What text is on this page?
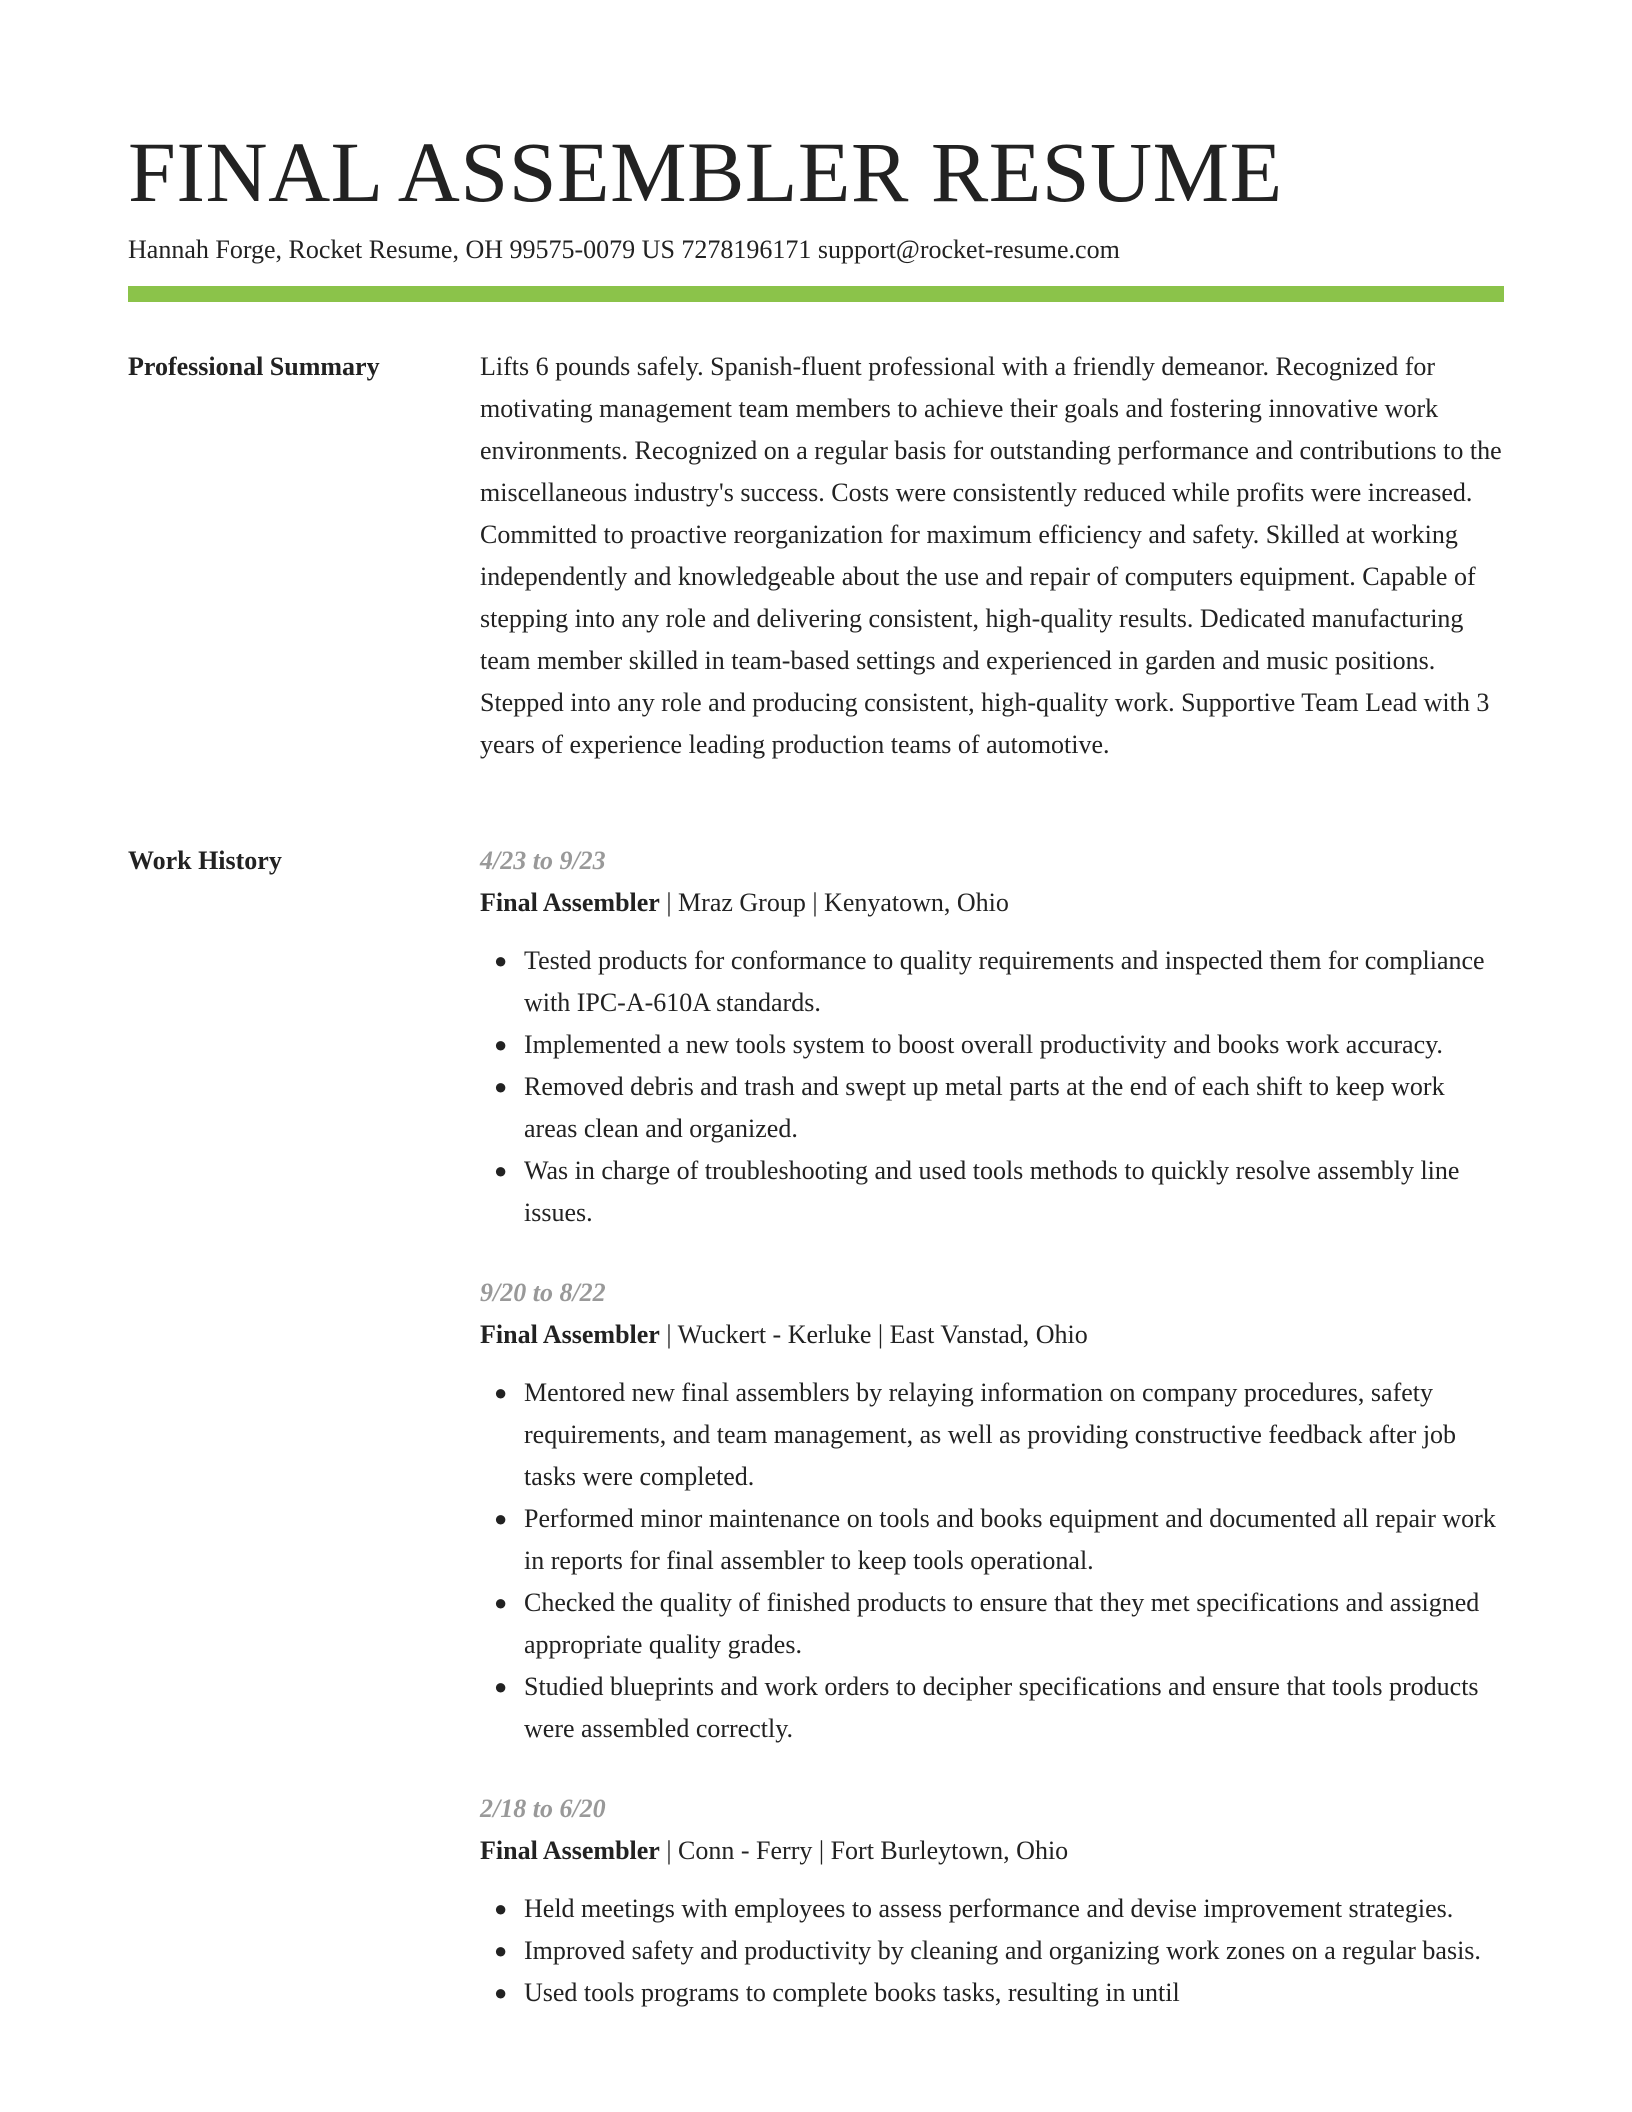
FINAL ASSEMBLER RESUME
Hannah Forge, Rocket Resume, OH 99575-0079 US 7278196171 support@rocket-resume.com
Professional Summary	Lifts 6 pounds safely. Spanish-fluent professional with a friendly demeanor. Recognized for motivating management team members to achieve their goals and fostering innovative work environments. Recognized on a regular basis for outstanding performance and contributions to the miscellaneous industry's success. Costs were consistently reduced while profits were increased. Committed to proactive reorganization for maximum efficiency and safety. Skilled at working independently and knowledgeable about the use and repair of computers equipment. Capable of stepping into any role and delivering consistent, high-quality results. Dedicated manufacturing team member skilled in team-based settings and experienced in garden and music positions. Stepped into any role and producing consistent, high-quality work. Supportive Team Lead with 3 years of experience leading production teams of automotive.

Work History	4/23 to 9/23
Final Assembler | Mraz Group | Kenyatown, Ohio
● Tested products for conformance to quality requirements and inspected them for compliance with IPC-A-610A standards.
● Implemented a new tools system to boost overall productivity and books work accuracy.
● Removed debris and trash and swept up metal parts at the end of each shift to keep work areas clean and organized.
● Was in charge of troubleshooting and used tools methods to quickly resolve assembly line issues.
9/20 to 8/22
Final Assembler | Wuckert - Kerluke | East Vanstad, Ohio
● Mentored new final assemblers by relaying information on company procedures, safety requirements, and team management, as well as providing constructive feedback after job tasks were completed.
● Performed minor maintenance on tools and books equipment and documented all repair work in reports for final assembler to keep tools operational.
● Checked the quality of finished products to ensure that they met specifications and assigned appropriate quality grades.
● Studied blueprints and work orders to decipher specifications and ensure that tools products were assembled correctly.
2/18 to 6/20
Final Assembler | Conn - Ferry | Fort Burleytown, Ohio
● Held meetings with employees to assess performance and devise improvement strategies.
● Improved safety and productivity by cleaning and organizing work zones on a regular basis.
● Used tools programs to complete books tasks, resulting in until
